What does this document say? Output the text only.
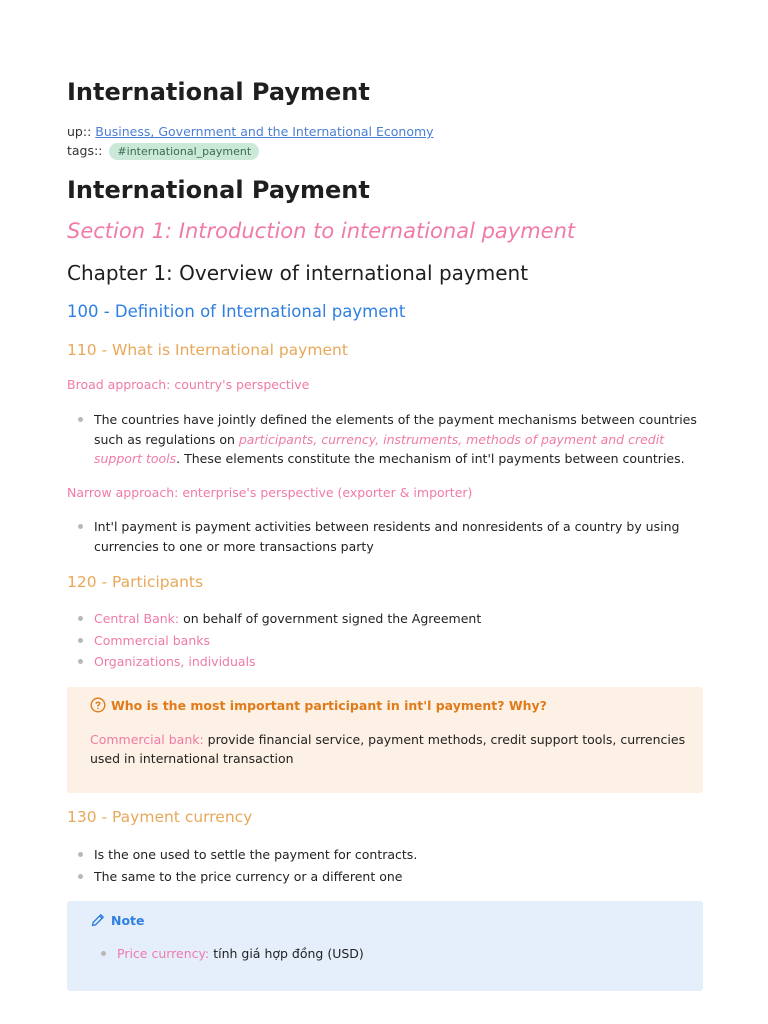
International Payment
up:: Business, Government and the International Economy
tags:: #international_payment
International Payment
Section 1: Introduction to international payment
Chapter 1: Overview of international payment
100 - Definition of International payment
110 - What is International payment
Broad approach: country's perspective
The countries have jointly defined the elements of the payment mechanisms between countries such as regulations on participants, currency, instruments, methods of payment and credit support tools. These elements constitute the mechanism of int'l payments between countries.
Narrow approach: enterprise's perspective (exporter & importer)
Int'l payment is payment activities between residents and nonresidents of a country by using currencies to one or more transactions party
120 - Participants
Central Bank: on behalf of government signed the Agreement
Commercial banks
Organizations, individuals
Who is the most important participant in int'l payment? Why?
Commercial bank: provide financial service, payment methods, credit support tools, currencies used in international transaction
130 - Payment currency
Is the one used to settle the payment for contracts.
The same to the price currency or a different one
Note
Price currency: tính giá hợp đồng (USD)
